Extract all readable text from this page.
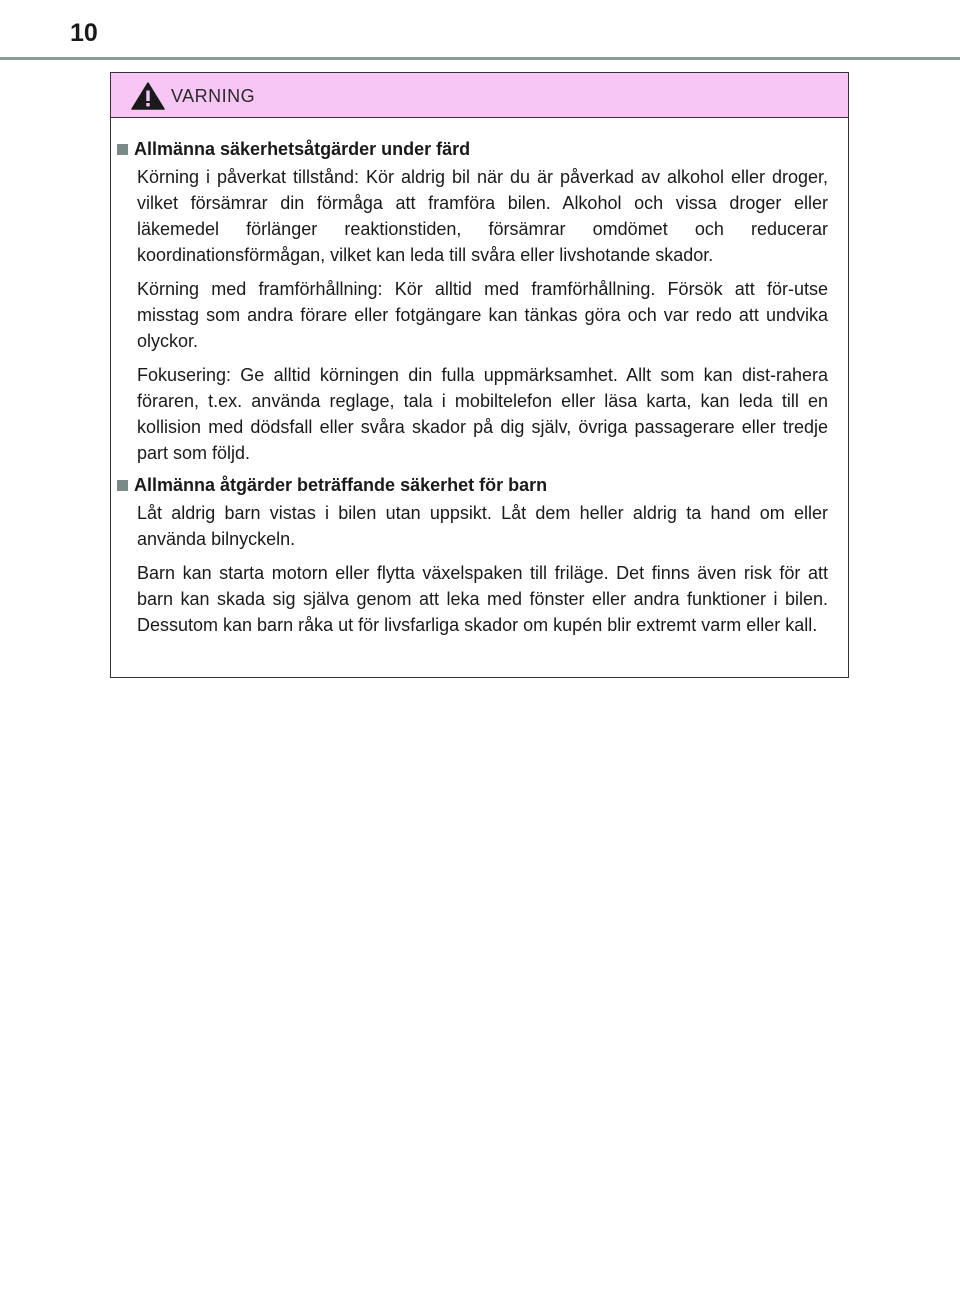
10
VARNING
Allmänna säkerhetsåtgärder under färd

Körning i påverkat tillstånd: Kör aldrig bil när du är påverkad av alkohol eller droger, vilket försämrar din förmåga att framföra bilen. Alkohol och vissa droger eller läkemedel förlänger reaktionstiden, försämrar omdömet och reducerar koordinationsförmågan, vilket kan leda till svåra eller livshotande skador.

Körning med framförhållning: Kör alltid med framförhållning. Försök att för-utse misstag som andra förare eller fotgängare kan tänkas göra och var redo att undvika olyckor.

Fokusering: Ge alltid körningen din fulla uppmärksamhet. Allt som kan dist-rahera föraren, t.ex. använda reglage, tala i mobiltelefon eller läsa karta, kan leda till en kollision med dödsfall eller svåra skador på dig själv, övriga passagerare eller tredje part som följd.

Allmänna åtgärder beträffande säkerhet för barn

Låt aldrig barn vistas i bilen utan uppsikt. Låt dem heller aldrig ta hand om eller använda bilnyckeln.

Barn kan starta motorn eller flytta växelspaken till friläge. Det finns även risk för att barn kan skada sig själva genom att leka med fönster eller andra funktioner i bilen. Dessutom kan barn råka ut för livsfarliga skador om kupén blir extremt varm eller kall.
